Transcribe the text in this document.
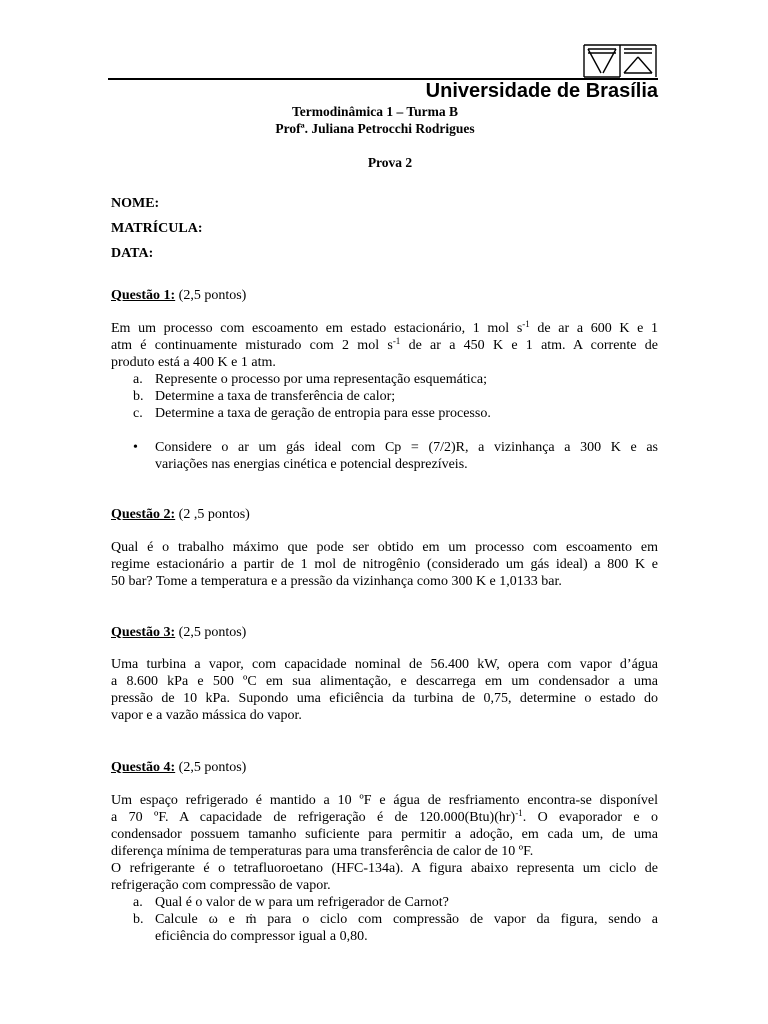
Universidade de Brasília
Termodinâmica 1 – Turma B
Profª. Juliana Petrocchi Rodrigues
Prova 2
NOME:
MATRÍCULA:
DATA:
Questão 1: (2,5 pontos)
Em um processo com escoamento em estado estacionário, 1 mol $s^{-1}$ de ar a 600 K e 1
atm é continuamente misturado com 2 mol $s^{-1}$ de ar a 450 K e 1 atm. A corrente de
produto está a 400 K e 1 atm.
a. Represente o processo por uma representação esquemática;
b. Determine a taxa de transferência de calor;
c. Determine a taxa de geração de entropia para esse processo.
• Considere o ar um gás ideal com Cp = (7/2)R, a vizinhança a 300 K e as
variações nas energias cinética e potencial desprezíveis.
Questão 2: (2 ,5 pontos)
Qual é o trabalho máximo que pode ser obtido em um processo com escoamento em
regime estacionário a partir de 1 mol de nitrogênio (considerado um gás ideal) a 800 K e
50 bar? Tome a temperatura e a pressão da vizinhança como 300 K e 1,0133 bar.
Questão 3: (2,5 pontos)
Uma turbina a vapor, com capacidade nominal de 56.400 kW, opera com vapor d’água
a 8.600 kPa e 500 ºC em sua alimentação, e descarrega em um condensador a uma
pressão de 10 kPa. Supondo uma eficiência da turbina de 0,75, determine o estado do
vapor e a vazão mássica do vapor.
Questão 4: (2,5 pontos)
Um espaço refrigerado é mantido a 10 ºF e água de resfriamento encontra-se disponível
a 70 ºF. A capacidade de refrigeração é de 120.000(Btu)(hr)$^{-1}$. O evaporador e o
condensador possuem tamanho suficiente para permitir a adoção, em cada um, de uma
diferença mínima de temperaturas para uma transferência de calor de 10 ºF.
O refrigerante é o tetrafluoroetano (HFC-134a). A figura abaixo representa um ciclo de
refrigeração com compressão de vapor.
a. Qual é o valor de w para um refrigerador de Carnot?
b. Calcule ω e ṁ para o ciclo com compressão de vapor da figura, sendo a
eficiência do compressor igual a 0,80.
